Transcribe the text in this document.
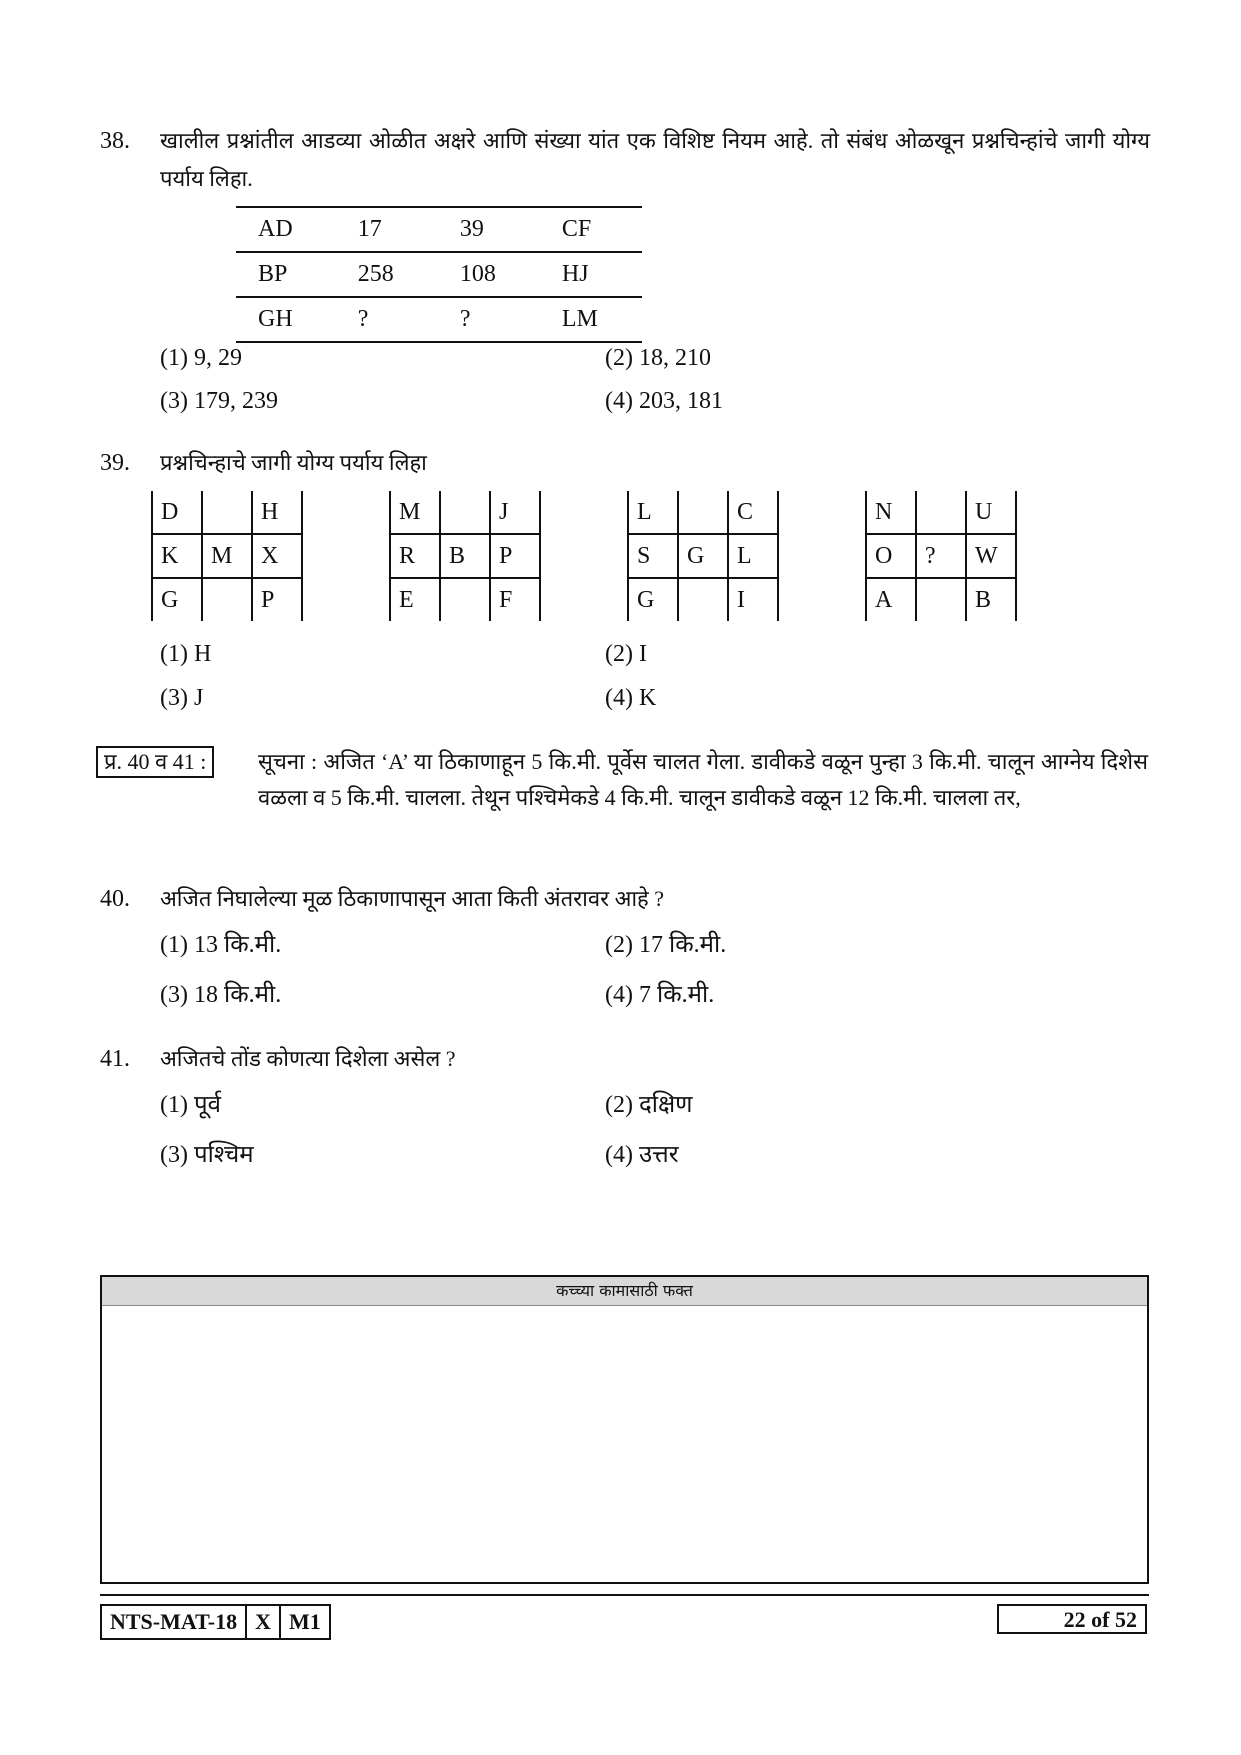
38. खालील प्रश्नांतील आडव्या ओळीत अक्षरे आणि संख्या यांत एक विशिष्ट नियम आहे. तो संबंध ओळखून प्रश्नचिन्हांचे जागी योग्य पर्याय लिहा.
AD	17	39	CF
BP	258	108	HJ
GH	?	?	LM
(1) 9, 29	(2) 18, 210
(3) 179, 239	(4) 203, 181
39. प्रश्नचिन्हाचे जागी योग्य पर्याय लिहा
D		H
K	M	X
G		P
M		J
R	B	P
E		F
L		C
S	G	L
G		I
N		U
O	?	W
A		B
(1) H	(2) I
(3) J	(4) K
प्र. 40 व 41 :	सूचना : अजित ‘A’ या ठिकाणाहून 5 कि.मी. पूर्वेस चालत गेला. डावीकडे वळून पुन्हा 3 कि.मी. चालून आग्नेय दिशेस वळला व 5 कि.मी. चालला. तेथून पश्चिमेकडे 4 कि.मी. चालून डावीकडे वळून 12 कि.मी. चालला तर,
40. अजित निघालेल्या मूळ ठिकाणापासून आता किती अंतरावर आहे ?
(1) 13 कि.मी.	(2) 17 कि.मी.
(3) 18 कि.मी.	(4) 7 कि.मी.
41. अजितचे तोंड कोणत्या दिशेला असेल ?
(1) पूर्व	(2) दक्षिण
(3) पश्चिम	(4) उत्तर
कच्च्या कामासाठी फक्त
NTS-MAT-18	X	M1	22 of 52
